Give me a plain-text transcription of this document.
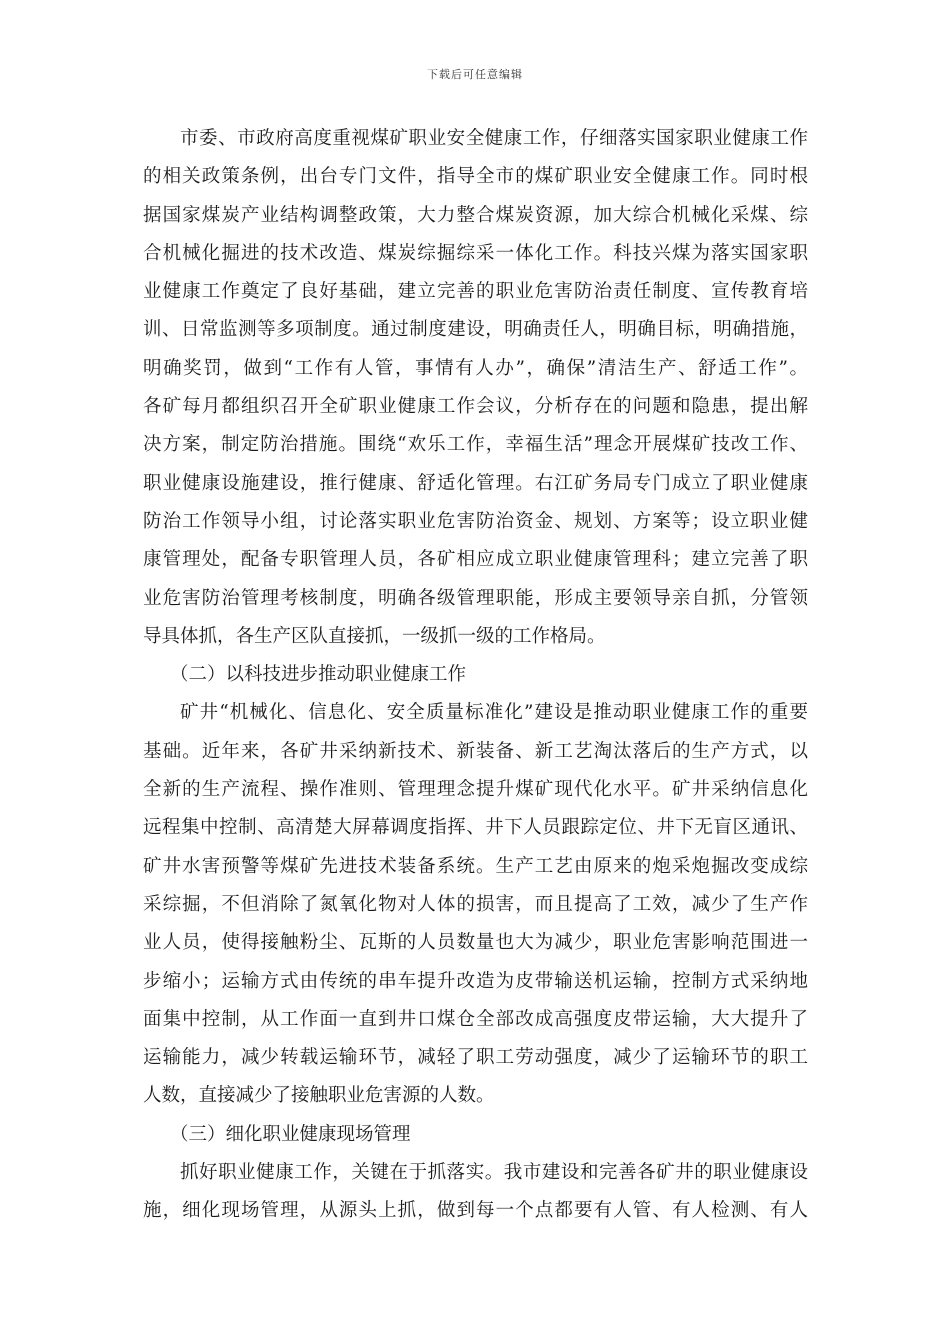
下载后可任意编辑
市委、市政府高度重视煤矿职业安全健康工作，仔细落实国家职业健康工作
的相关政策条例，出台专门文件，指导全市的煤矿职业安全健康工作。同时根
据国家煤炭产业结构调整政策，大力整合煤炭资源，加大综合机械化采煤、综
合机械化掘进的技术改造、煤炭综掘综采一体化工作。科技兴煤为落实国家职
业健康工作奠定了良好基础，建立完善的职业危害防治责任制度、宣传教育培
训、日常监测等多项制度。通过制度建设，明确责任人，明确目标，明确措施，
明确奖罚，做到“工作有人管，事情有人办”，确保”清洁生产、舒适工作”。
各矿每月都组织召开全矿职业健康工作会议，分析存在的问题和隐患，提出解
决方案，制定防治措施。围绕“欢乐工作，幸福生活”理念开展煤矿技改工作、
职业健康设施建设，推行健康、舒适化管理。右江矿务局专门成立了职业健康
防治工作领导小组，讨论落实职业危害防治资金、规划、方案等；设立职业健
康管理处，配备专职管理人员，各矿相应成立职业健康管理科；建立完善了职
业危害防治管理考核制度，明确各级管理职能，形成主要领导亲自抓，分管领
导具体抓，各生产区队直接抓，一级抓一级的工作格局。
（二）以科技进步推动职业健康工作
矿井“机械化、信息化、安全质量标准化”建设是推动职业健康工作的重要
基础。近年来，各矿井采纳新技术、新装备、新工艺淘汰落后的生产方式，以
全新的生产流程、操作准则、管理理念提升煤矿现代化水平。矿井采纳信息化
远程集中控制、高清楚大屏幕调度指挥、井下人员跟踪定位、井下无盲区通讯、
矿井水害预警等煤矿先进技术装备系统。生产工艺由原来的炮采炮掘改变成综
采综掘，不但消除了氮氧化物对人体的损害，而且提高了工效，减少了生产作
业人员，使得接触粉尘、瓦斯的人员数量也大为减少，职业危害影响范围进一
步缩小；运输方式由传统的串车提升改造为皮带输送机运输，控制方式采纳地
面集中控制，从工作面一直到井口煤仓全部改成高强度皮带运输，大大提升了
运输能力，减少转载运输环节，减轻了职工劳动强度，减少了运输环节的职工
人数，直接减少了接触职业危害源的人数。
（三）细化职业健康现场管理
抓好职业健康工作，关键在于抓落实。我市建设和完善各矿井的职业健康设
施，细化现场管理，从源头上抓，做到每一个点都要有人管、有人检测、有人
